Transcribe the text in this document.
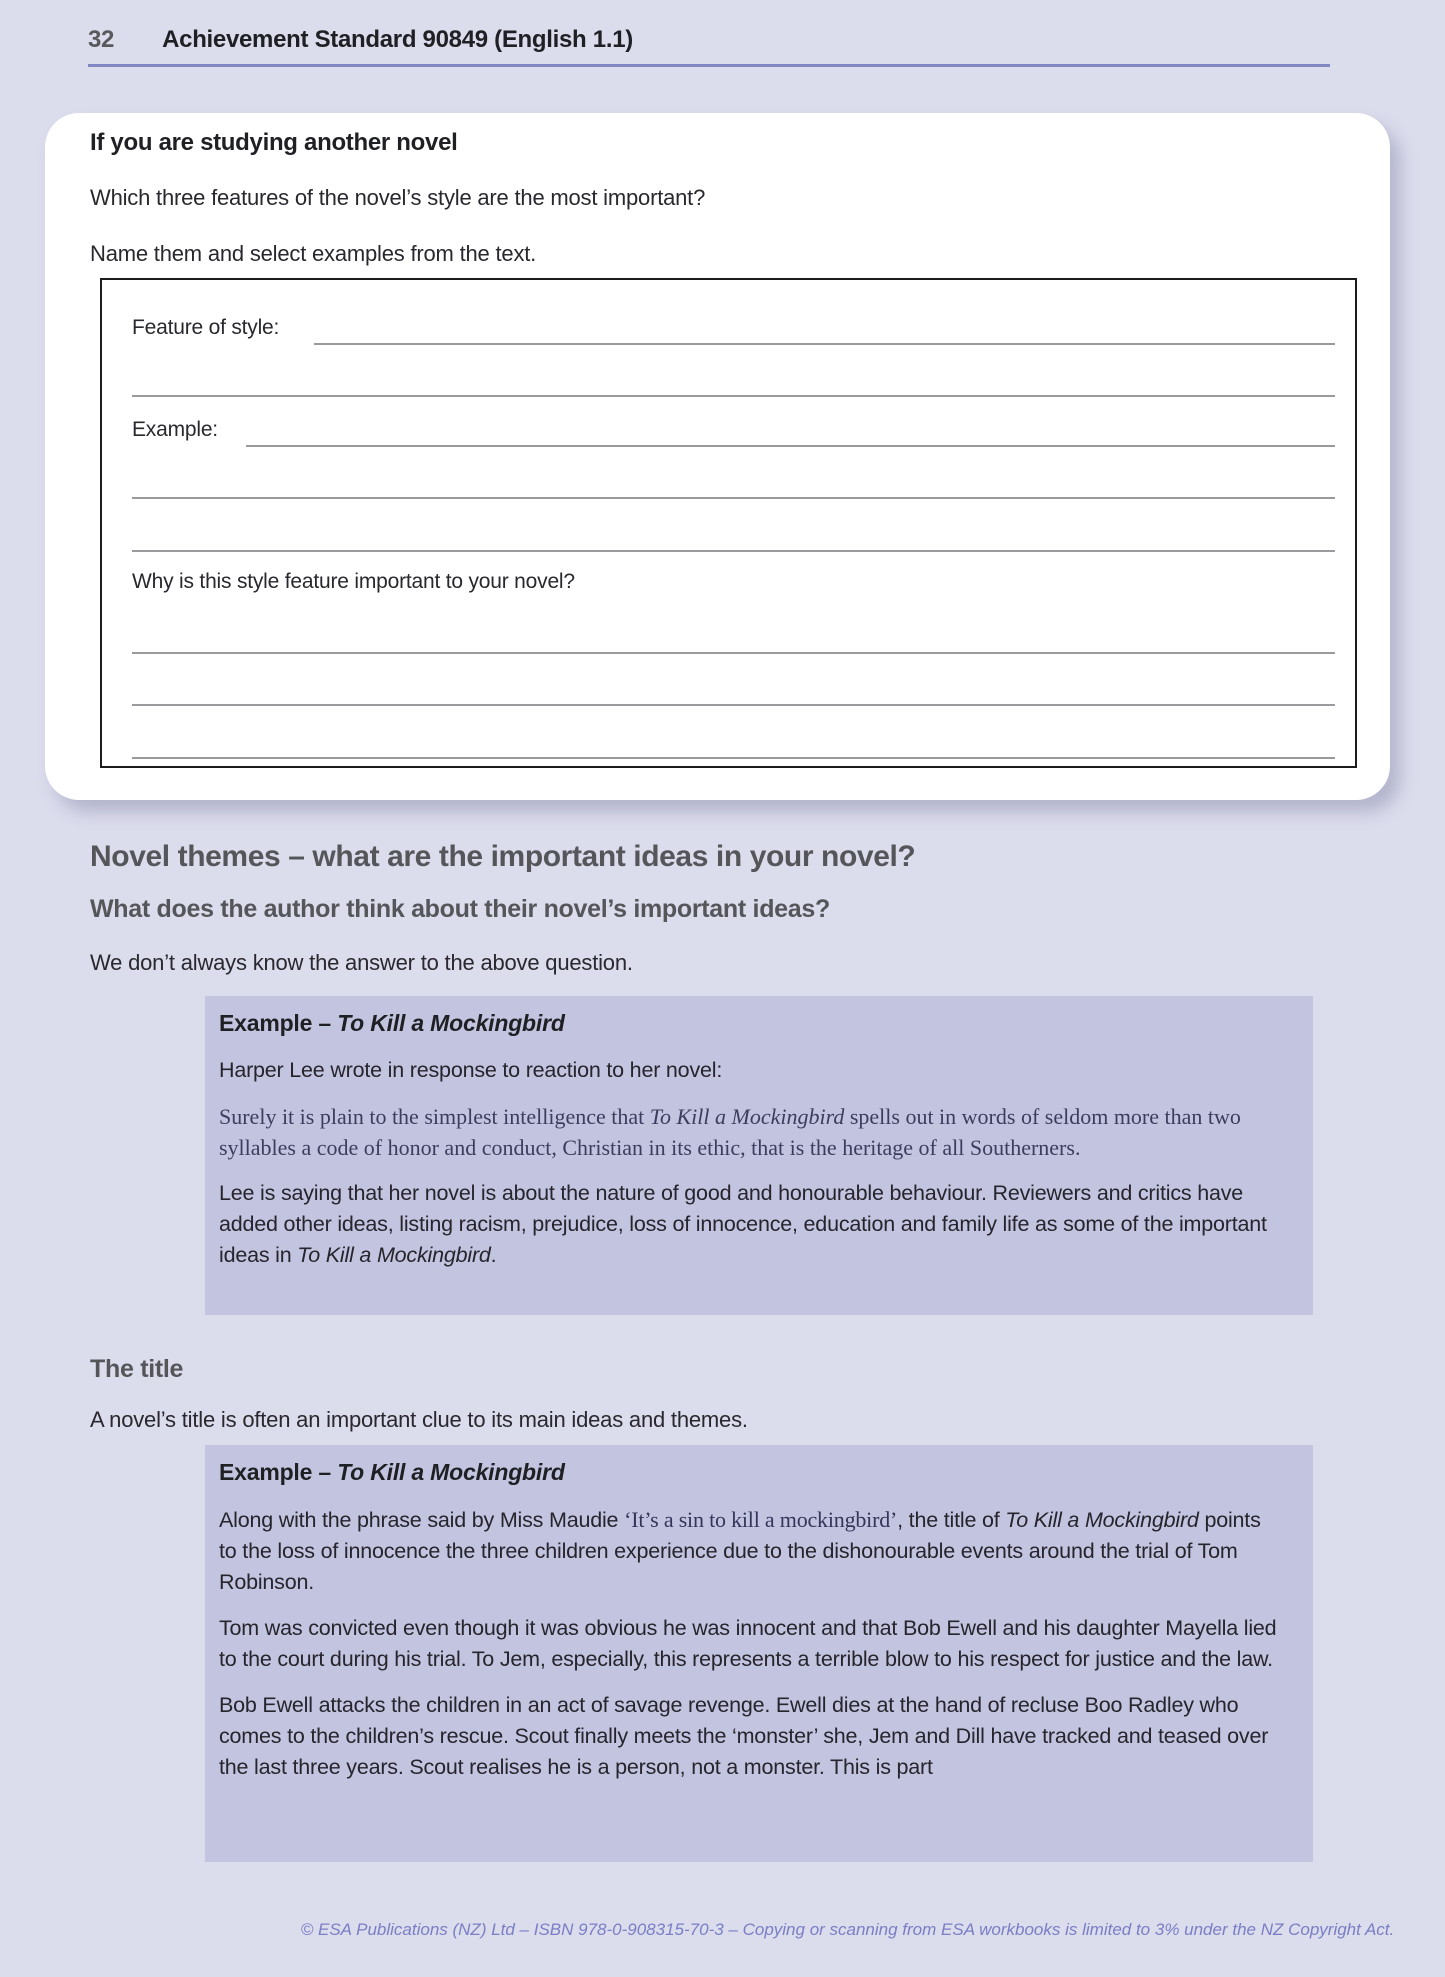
32 Achievement Standard 90849 (English 1.1)
If you are studying another novel
Which three features of the novel’s style are the most important?
Name them and select examples from the text.
Feature of style:
Example:
Why is this style feature important to your novel?
Novel themes – what are the important ideas in your novel?
What does the author think about their novel’s important ideas?

We don’t always know the answer to the above question.

Example – To Kill a Mockingbird

Harper Lee wrote in response to reaction to her novel:

Surely it is plain to the simplest intelligence that To Kill a Mockingbird spells out in words of seldom more than two syllables a code of honor and conduct, Christian in its ethic, that is the heritage of all Southerners.

Lee is saying that her novel is about the nature of good and honourable behaviour. Reviewers and critics have added other ideas, listing racism, prejudice, loss of innocence, education and family life as some of the important ideas in To Kill a Mockingbird.

The title

A novel’s title is often an important clue to its main ideas and themes.

Example – To Kill a Mockingbird

Along with the phrase said by Miss Maudie ‘It’s a sin to kill a mockingbird’, the title of To Kill a Mockingbird points to the loss of innocence the three children experience due to the dishonourable events around the trial of Tom Robinson.

Tom was convicted even though it was obvious he was innocent and that Bob Ewell and his daughter Mayella lied to the court during his trial. To Jem, especially, this represents a terrible blow to his respect for justice and the law.

Bob Ewell attacks the children in an act of savage revenge. Ewell dies at the hand of recluse Boo Radley who comes to the children’s rescue. Scout finally meets the ‘monster’ she, Jem and Dill have tracked and teased over the last three years. Scout realises he is a person, not a monster. This is part

© ESA Publications (NZ) Ltd – ISBN 978-0-908315-70-3 – Copying or scanning from ESA workbooks is limited to 3% under the NZ Copyright Act.
